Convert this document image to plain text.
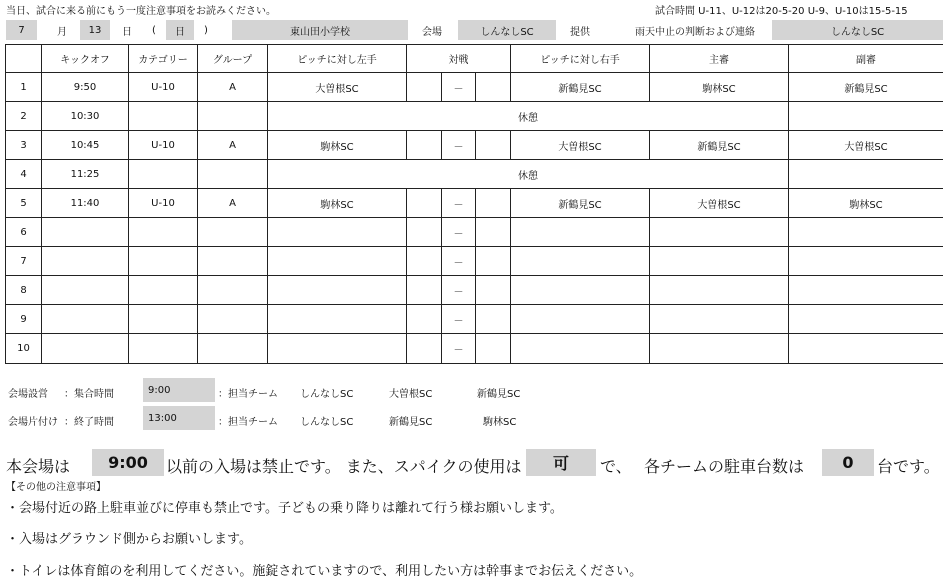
当日、試合に来る前にもう一度注意事項をお読みください。	試合時間 U-11、U-12は20-5-20 U-9、U-10は15-5-15
7	月	13	日	(	日	)	東山田小学校	会場	しんなしSC	提供	雨天中止の判断および連絡	しんなしSC
	キックオフ	カテゴリー	グループ	ピッチに対し左手	対戦			ピッチに対し右手	主審	副審	
1	9:50	U-10	A	大曽根SC		－		新鶴見SC	駒林SC	新鶴見SC	
2	10:30			休憩							
3	10:45	U-10	A	駒林SC		－		大曽根SC	新鶴見SC	大曽根SC	
4	11:25			休憩							
5	11:40	U-10	A	駒林SC		－		新鶴見SC	大曽根SC	駒林SC	
6						－					
7						－					
8						－					
9						－					
10						－					
会場設営 ：集合時間	9:00	：担当チーム しんなしSC	大曽根SC	新鶴見SC
会場片付け ：終了時間	13:00	：担当チーム しんなしSC	新鶴見SC	駒林SC
本会場は	9:00	以前の入場は禁止です。 また、スパイクの使用は	可	で、 各チームの駐車台数は	0	台です。
【その他の注意事項】
・会場付近の路上駐車並びに停車も禁止です。子どもの乗り降りは離れて行う様お願いします。
・入場はグラウンド側からお願いします。
・トイレは体育館のを利用してください。施錠されていますので、利用したい方は幹事までお伝えください。
